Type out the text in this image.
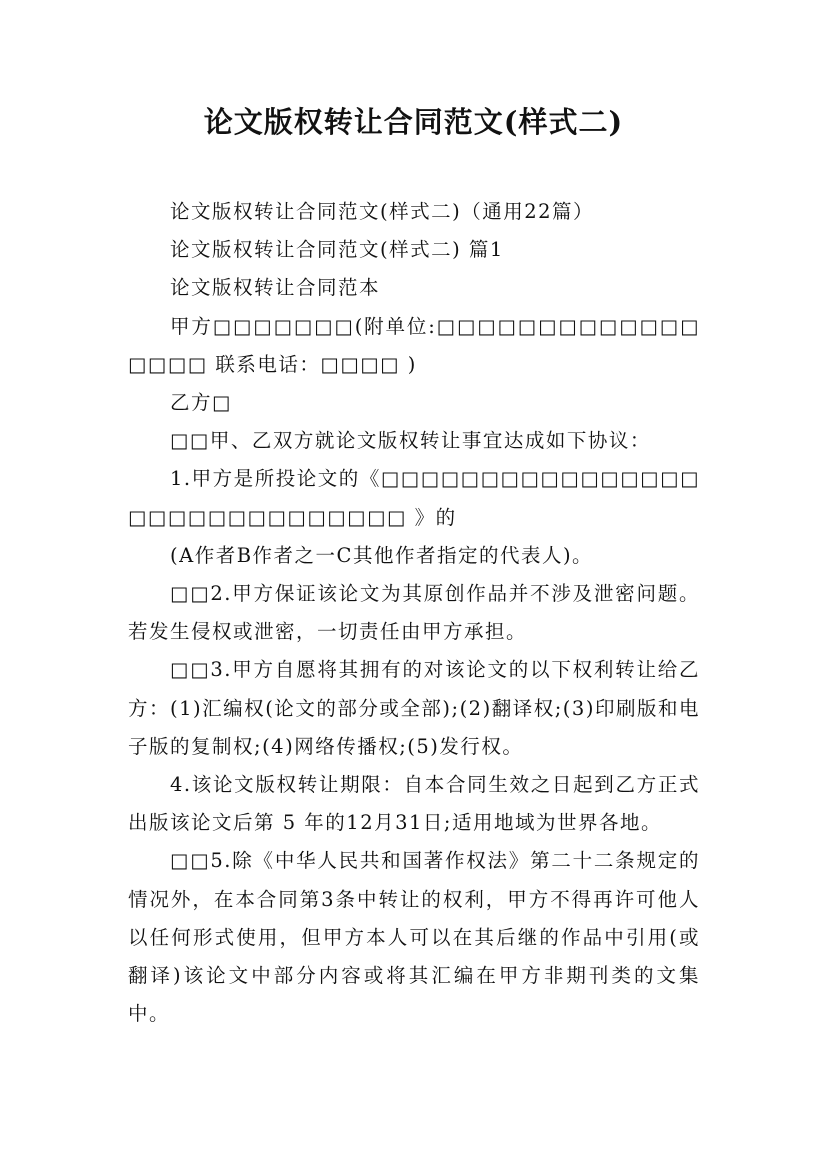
论文版权转让合同范文(样式二)

论文版权转让合同范文(样式二)（通用22篇）

论文版权转让合同范文(样式二) 篇1

论文版权转让合同范本

甲方□□□□□□□(附单位:□□□□□□□□□□□□□□□□□ 联系电话：□□□□ )

乙方□

□□甲、乙双方就论文版权转让事宜达成如下协议：

1.甲方是所投论文的《□□□□□□□□□□□□□□□□□□□□□□□□□□□□□□ 》的

(A作者B作者之一C其他作者指定的代表人)。

□□2.甲方保证该论文为其原创作品并不涉及泄密问题。若发生侵权或泄密，一切责任由甲方承担。

□□3.甲方自愿将其拥有的对该论文的以下权利转让给乙方：(1)汇编权(论文的部分或全部);(2)翻译权;(3)印刷版和电子版的复制权;(4)网络传播权;(5)发行权。

4.该论文版权转让期限：自本合同生效之日起到乙方正式出版该论文后第 5 年的12月31日;适用地域为世界各地。

□□5.除《中华人民共和国著作权法》第二十二条规定的情况外，在本合同第3条中转让的权利，甲方不得再许可他人以任何形式使用，但甲方本人可以在其后继的作品中引用(或翻译)该论文中部分内容或将其汇编在甲方非期刊类的文集中。
